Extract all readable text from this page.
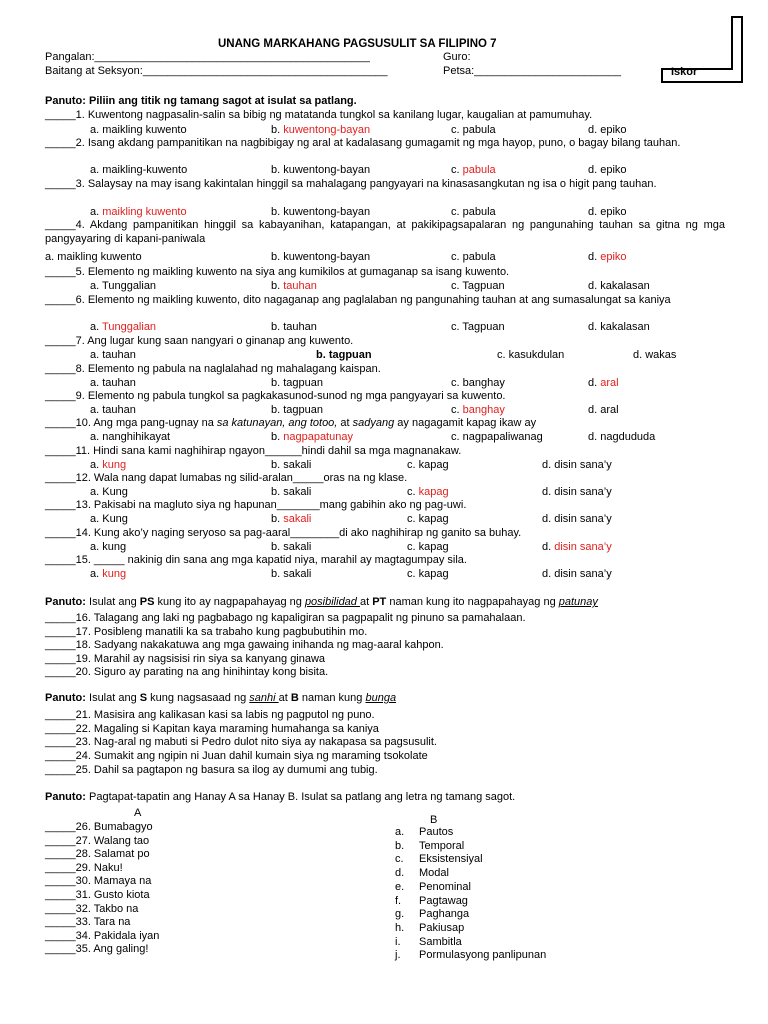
UNANG MARKAHANG PAGSUSULIT SA FILIPINO 7
Pangalan:_____________________________________________	Guro:
Baitang at Seksyon:________________________________________	Petsa:________________________	Iskor
Panuto: Piliin ang titik ng tamang sagot at isulat sa patlang.
_____1. Kuwentong nagpasalin-salin sa bibig ng matatanda tungkol sa kanilang lugar, kaugalian at pamumuhay.
a. maikling kuwento	b. kuwentong-bayan	c. pabula	d. epiko
_____2. Isang akdang pampanitikan na nagbibigay ng aral at kadalasang gumagamit ng mga hayop, puno, o bagay bilang tauhan.
a. maikling-kuwento	b. kuwentong-bayan	c. pabula	d. epiko
_____3. Salaysay na may isang kakintalan hinggil sa mahalagang pangyayari na kinasasangkutan ng isa o higit pang tauhan.
a. maikling kuwento	b. kuwentong-bayan	c. pabula	d. epiko
_____4. Akdang pampanitikan hinggil sa kabayanihan, katapangan, at pakikipagsapalaran ng pangunahing tauhan sa gitna ng mga pangyayaring di kapani-paniwala
a. maikling kuwento	b. kuwentong-bayan	c. pabula	d. epiko
_____5. Elemento ng maikling kuwento na siya ang kumikilos at gumaganap sa isang kuwento.
a. Tunggalian	b. tauhan	c. Tagpuan	d. kakalasan
_____6. Elemento ng maikling kuwento, dito nagaganap ang paglalaban ng pangunahing tauhan at ang sumasalungat sa kaniya
a. Tunggalian	b. tauhan	c. Tagpuan	d. kakalasan
_____7. Ang lugar kung saan nangyari o ginanap ang kuwento.
a. tauhan	b. tagpuan	c. kasukdulan	d. wakas
_____8. Elemento ng pabula na naglalahad ng mahalagang kaispan.
a. tauhan	b. tagpuan	c. banghay	d. aral
_____9. Elemento ng pabula tungkol sa pagkakasunod-sunod ng mga pangyayari sa kuwento.
a. tauhan	b. tagpuan	c. banghay	d. aral
_____10. Ang mga pang-ugnay na sa katunayan, ang totoo, at sadyang ay nagagamit kapag ikaw ay
a. nanghihikayat	b. nagpapatunay	c. nagpapaliwanag	d. nagdududa
_____11. Hindi sana kami naghihirap ngayon______hindi dahil sa mga magnanakaw.
a. kung	b. sakali	c. kapag	d. disin sana’y
_____12. Wala nang dapat lumabas ng silid-aralan_____oras na ng klase.
a. Kung	b. sakali	c. kapag	d. disin sana’y
_____13. Pakisabi na magluto siya ng hapunan_______mang gabihin ako ng pag-uwi.
a. Kung	b. sakali	c. kapag	d. disin sana’y
_____14. Kung ako’y naging seryoso sa pag-aaral________di ako naghihirap ng ganito sa buhay.
a. kung	b. sakali	c. kapag	d. disin sana’y
_____15. _____ nakinig din sana ang mga kapatid niya, marahil ay magtagumpay sila.
a. kung	b. sakali	c. kapag	d. disin sana’y
Panuto: Isulat ang PS kung ito ay nagpapahayag ng posibilidad at PT naman kung ito nagpapahayag ng patunay
_____16. Talagang ang laki ng pagbabago ng kapaligiran sa pagpapalit ng pinuno sa pamahalaan.
_____17. Posibleng manatili ka sa trabaho kung pagbubutihin mo.
_____18. Sadyang nakakatuwa ang mga gawaing inihanda ng mag-aaral kahpon.
_____19. Marahil ay nagsisisi rin siya sa kanyang ginawa
_____20. Siguro ay parating na ang hinihintay kong bisita.
Panuto: Isulat ang S kung nagsasaad ng sanhi at B naman kung bunga
_____21. Masisira ang kalikasan kasi sa labis ng pagputol ng puno.
_____22. Magaling si Kapitan kaya maraming humahanga sa kaniya
_____23. Nag-aral ng mabuti si Pedro dulot nito siya ay nakapasa sa pagsusulit.
_____24. Sumakit ang ngipin ni Juan dahil kumain siya ng maraming tsokolate
_____25. Dahil sa pagtapon ng basura sa ilog ay dumumi ang tubig.
Panuto: Pagtapat-tapatin ang Hanay A sa Hanay B. Isulat sa patlang ang letra ng tamang sagot.
A
B
_____26. Bumabagyo
_____27. Walang tao
_____28. Salamat po
_____29. Naku!
_____30. Mamaya na
_____31. Gusto kiota
_____32. Takbo na
_____33. Tara na
_____34. Pakidala iyan
_____35. Ang galing!
a. Pautos
b. Temporal
c. Eksistensiyal
d. Modal
e. Penominal
f. Pagtawag
g. Paghanga
h. Pakiusap
i. Sambitla
j. Pormulasyong panlipunan
